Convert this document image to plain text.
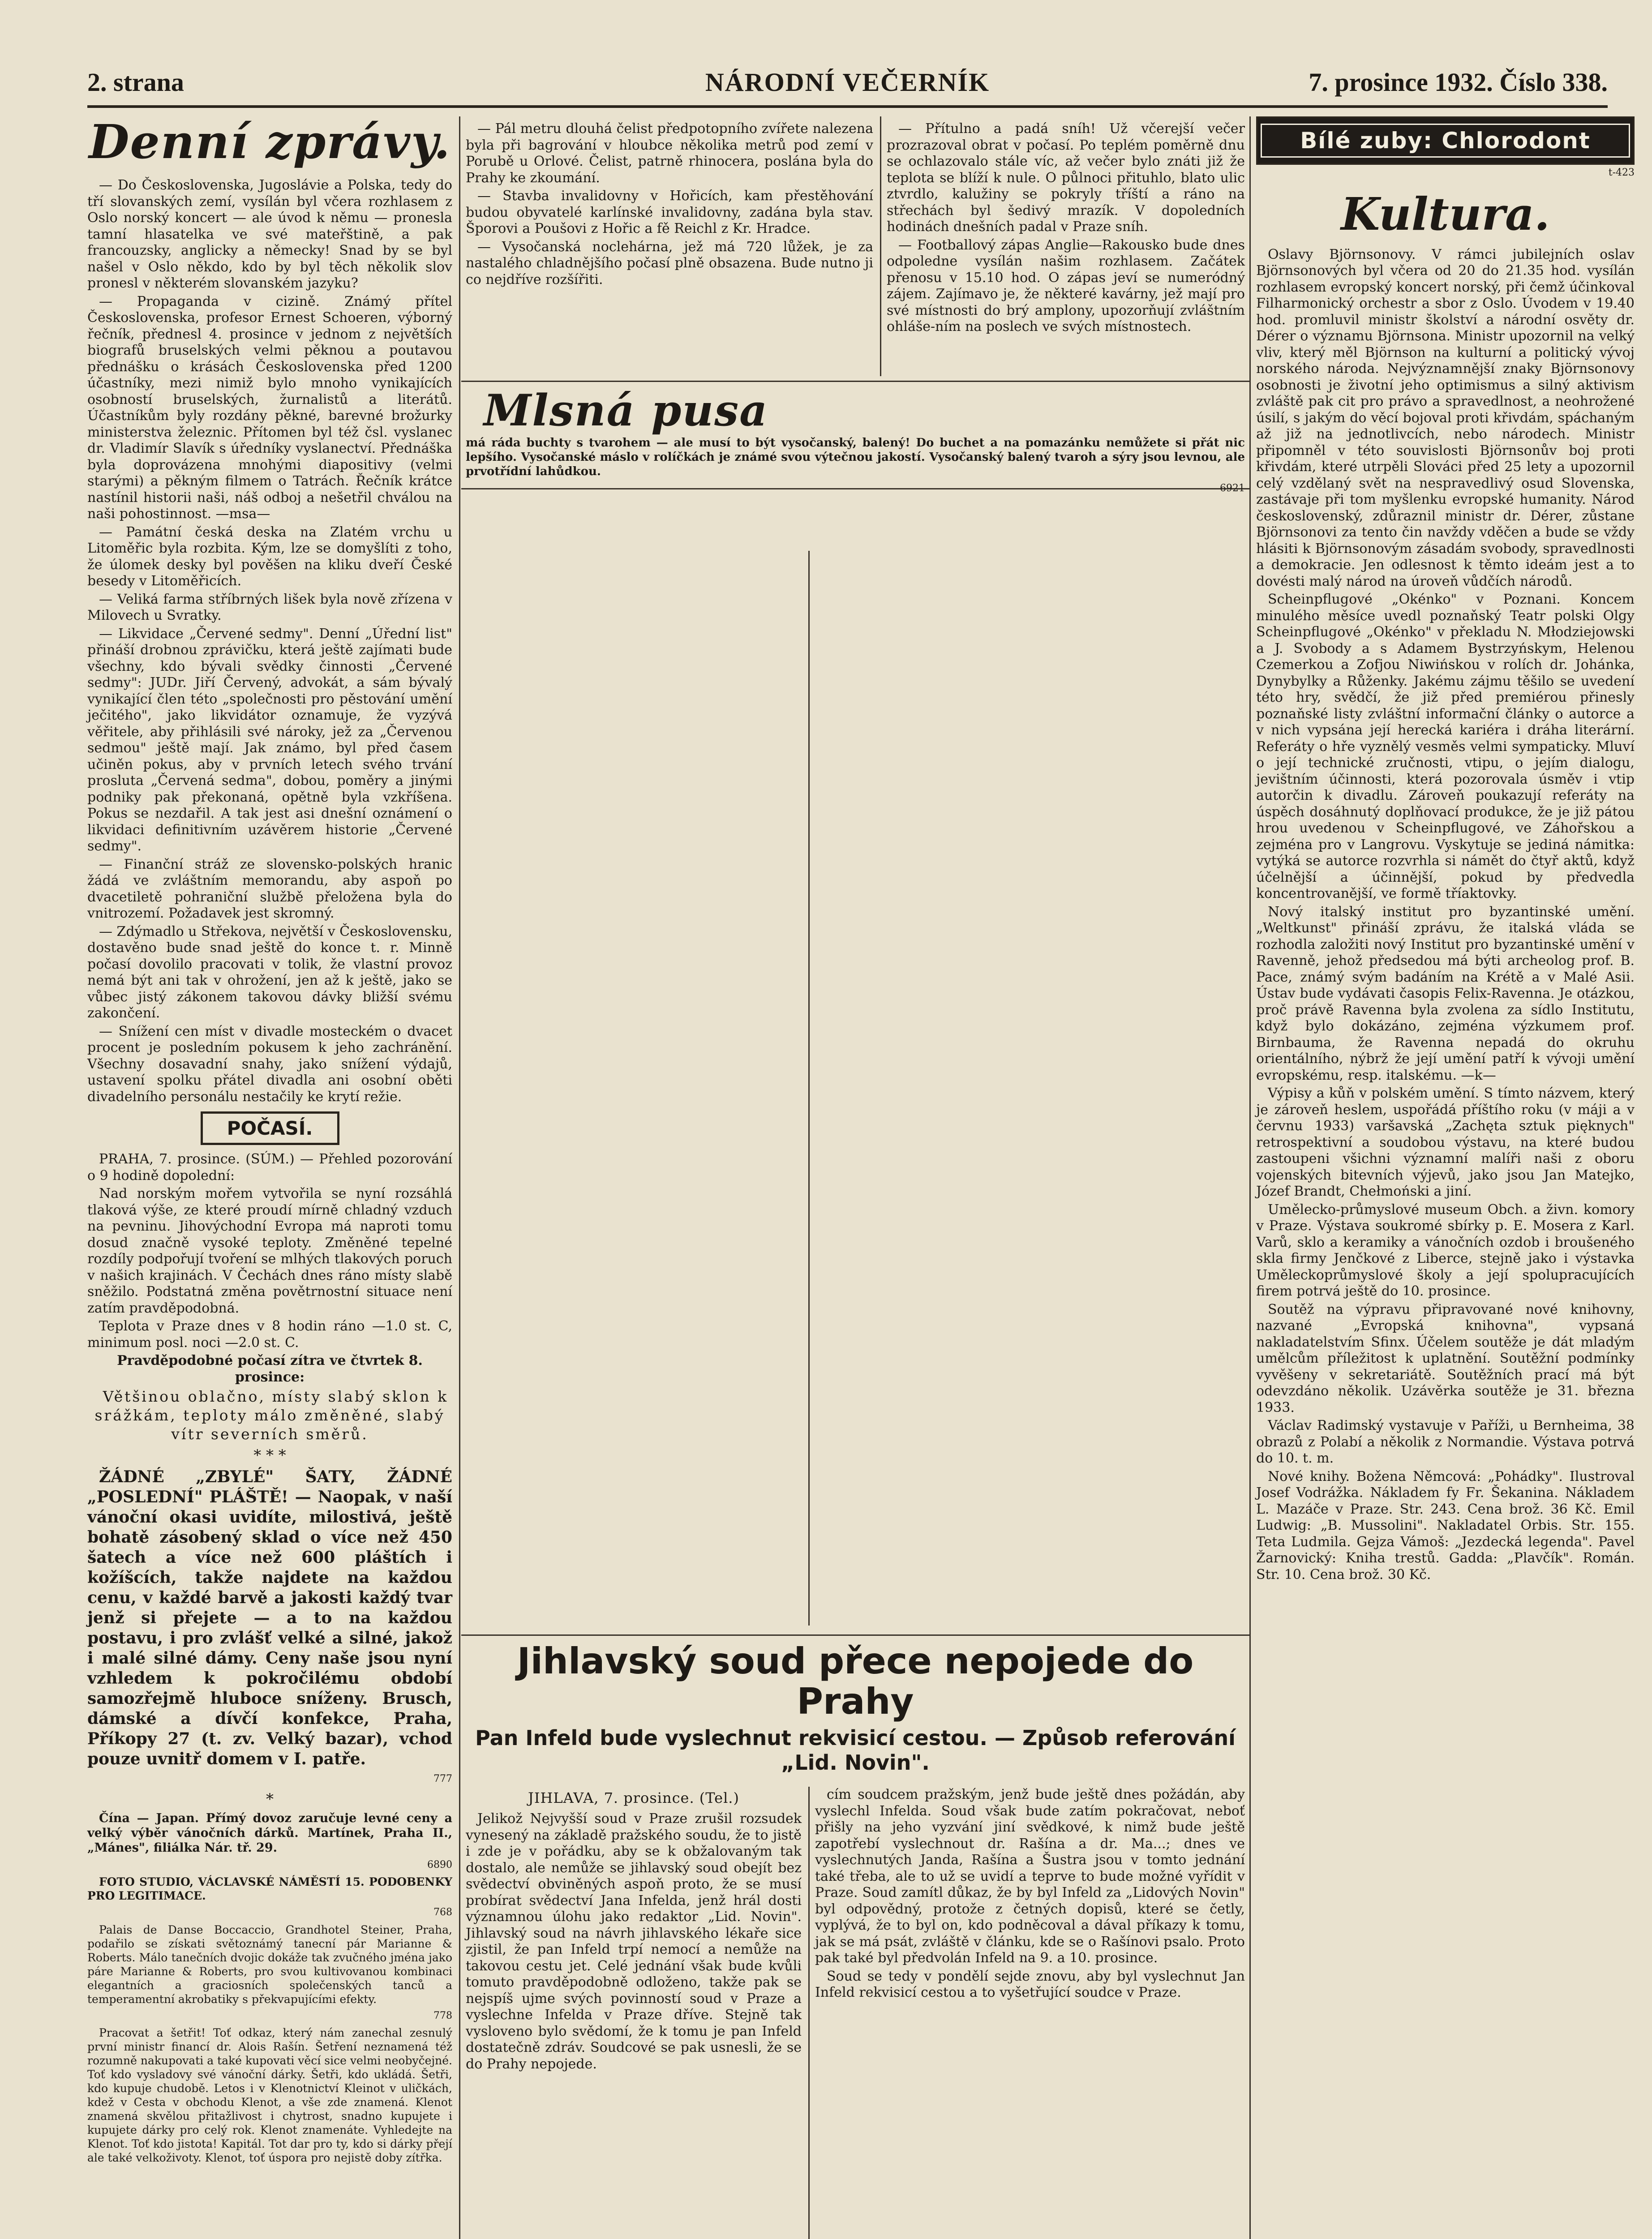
2. strana	NÁRODNÍ VEČERNÍK	7. prosince 1932. Číslo 338.
Denní zprávy.

— Do Československa, Jugoslávie a Polska, tedy do tří slovanských zemí, vysílán byl včera rozhlasem z Oslo norský koncert — ale úvod k němu — pronesla tamní hlasatelka ve své mateřštině, a pak francouzsky, anglicky a německy! Snad by se byl našel v Oslo někdo, kdo by byl těch několik slov pronesl v některém slovanském jazyku?

— Propaganda v cizině. Známý přítel Československa, profesor Ernest Schoeren, výborný řečník, přednesl 4. prosince v jednom z největších biografů bruselských velmi pěknou a poutavou přednášku o krásách Československa před 1200 účastníky, mezi nimiž bylo mnoho vynikajících osobností bruselských, žurnalistů a literátů. Účastníkům byly rozdány pěkné, barevné brožurky ministerstva železnic. Přítomen byl též čsl. vyslanec dr. Vladimír Slavík s úředníky vyslanectví. Přednáška byla doprovázena mnohými diapositivy (velmi starými) a pěkným filmem o Tatrách. Řečník krátce nastínil historii naši, náš odboj a nešetřil chválou na naši pohostinnost. —msa—

— Památní česká deska na Zlatém vrchu u Litoměřic byla rozbita. Kým, lze se domyšlíti z toho, že úlomek desky byl pověšen na kliku dveří České besedy v Litoměřicích.

— Veliká farma stříbrných lišek byla nově zřízena v Milovech u Svratky.

— Likvidace „Červené sedmy". Denní „Úřední list" přináší drobnou zprávičku, která ještě zajímati bude všechny, kdo bývali svědky činnosti „Červené sedmy": JUDr. Jiří Červený, advokát, a sám bývalý vynikající člen této „společnosti pro pěstování umění ječitého", jako likvidátor oznamuje, že vyzývá věřitele, aby přihlásili své nároky, jež za „Červenou sedmou" ještě mají. Jak známo, byl před časem učiněn pokus, aby v prvních letech svého trvání prosluta „Červená sedma", dobou, poměry a jinými podniky pak překonaná, opětně byla vzkříšena. Pokus se nezdařil. A tak jest asi dnešní oznámení o likvidaci definitivním uzávěrem historie „Červené sedmy".

— Finanční stráž ze slovensko-polských hranic žádá ve zvláštním memorandu, aby aspoň po dvacetiletě pohraniční službě přeložena byla do vnitrozemí. Požadavek jest skromný.

— Zdýmadlo u Střekova, největší v Československu, dostavěno bude snad ještě do konce t. r. Minně počasí dovolilo pracovati v tolik, že vlastní provoz nemá být ani tak v ohrožení, jen až k ještě, jako se vůbec jistý zákonem takovou dávky bližší svému zakončení.

— Snížení cen míst v divadle mosteckém o dvacet procent je posledním pokusem k jeho zachránění. Všechny dosavadní snahy, jako snížení výdajů, ustavení spolku přátel divadla ani osobní oběti divadelního personálu nestačily ke krytí režie.

POČASÍ.

PRAHA, 7. prosince. (SÚM.) — Přehled pozorování o 9 hodině dopolední:

Nad norským mořem vytvořila se nyní rozsáhlá tlaková výše, ze které proudí mírně chladný vzduch na pevninu. Jihovýchodní Evropa má naproti tomu dosud značně vysoké teploty. Změněné tepelné rozdíly podpořují tvoření se mlhých tlakových poruch v našich krajinách. V Čechách dnes ráno místy slabě sněžilo. Podstatná změna povětrnostní situace není zatím pravděpodobná.

Teplota v Praze dnes v 8 hodin ráno —1.0 st. C, minimum posl. noci —2.0 st. C.

Pravděpodobné počasí zítra ve čtvrtek 8. prosince:

Většinou oblačno, místy slabý sklon k srážkám, teploty málo změněné, slabý vítr severních směrů.

* * *

ŽÁDNÉ „ZBYLÉ" ŠATY, ŽÁDNÉ „POSLEDNÍ" PLÁŠTĚ! — Naopak, v naší vánoční okasi uvidíte, milostivá, ještě bohatě zásobený sklad o více než 450 šatech a více než 600 pláštích i kožíšcích, takže najdete na každou cenu, v každé barvě a jakosti každý tvar jenž si přejete — a to na každou postavu, i pro zvlášť velké a silné, jakož i malé silné dámy. Ceny naše jsou nyní vzhledem k pokročilému období samozřejmě hluboce sníženy. Brusch, dámské a dívčí konfekce, Praha, Příkopy 27 (t. zv. Velký bazar), vchod pouze uvnitř domem v I. patře.

777

*

Čína — Japan. Přímý dovoz zaručuje levné ceny a velký výběr vánočních dárků. Martínek, Praha II., „Mánes", filiálka Nár. tř. 29.

6890

FOTO STUDIO, VÁCLAVSKÉ NÁMĚSTÍ 15. PODOBENKY PRO LEGITIMACE.

768

Palais de Danse Boccaccio, Grandhotel Steiner, Praha, podařilo se získati světoznámý tanecní pár Marianne & Roberts. Málo tanečních dvojic dokáže tak zvučného jména jako páre Marianne & Roberts, pro svou kultivovanou kombinaci elegantních a graciosních společenských tanců a temperamentní akrobatiky s překvapujícími efekty.

778

Pracovat a šetřit! Toť odkaz, který nám zanechal zesnulý první ministr financí dr. Alois Rašín. Šetření neznamená též rozumně nakupovati a také kupovati věcí sice velmi neobyčejné. Toť kdo vysladovy své vánoční dárky. Šetři, kdo ukládá. Šetři, kdo kupuje chudobě. Letos i v Klenotnictví Kleinot v uličkách, kdež v Cesta v obchodu Klenot, a vše zde znamená. Klenot znamená skvělou přitažlivost i chytrost, snadno kupujete i kupujete dárky pro celý rok. Klenot znamenáte. Vyhledejte na Klenot. Toť kdo jistota! Kapitál. Tot dar pro ty, kdo si dárky přejí ale také velkoživoty. Klenot, toť úspora pro nejistě doby zítřka.

— Pál metru dlouhá čelist předpotopního zvířete nalezena byla při bagrování v hloubce několika metrů pod zemí v Porubě u Orlové. Čelist, patrně rhinocera, poslána byla do Prahy ke zkoumání.

— Stavba invalidovny v Hořicích, kam přestěhování budou obyvatelé karlínské invalidovny, zadána byla stav. Šporovi a Poušovi z Hořic a fě Reichl z Kr. Hradce.

— Vysočanská noclehárna, jež má 720 lůžek, je za nastalého chladnějšího počasí plně obsazena. Bude nutno ji co nejdříve rozšířiti.

— Přítulno a padá sníh! Už včerejší večer prozrazoval obrat v počasí. Po teplém poměrně dnu se ochlazovalo stále víc, až večer bylo znáti již že teplota se blíží k nule. O půlnoci přituhlo, blato ulic ztvrdlo, kalužiny se pokryly tříští a ráno na střechách byl šedivý mrazík. V dopoledních hodinách dnešních padal v Praze sníh.

— Footballový zápas Anglie—Rakousko bude dnes odpoledne vysílán našim rozhlasem. Začátek přenosu v 15.10 hod. O zápas jeví se numeródný zájem. Zajímavo je, že některé kavárny, jež mají pro své místnosti do brý amplony, upozorňují zvláštním ohláše-ním na poslech ve svých místnostech.

Mlsná pusa

má ráda buchty s tvarohem — ale musí to být vysočanský, balený! Do buchet a na pomazánku nemůžete si přát nic lepšího. Vysočanské máslo v rolíčkách je známé svou výtečnou jakostí. Vysočanský balený tvaroh a sýry jsou levnou, ale prvotřídní lahůdkou.

6921

Jihlavský soud přece nepojede do Prahy
Pan Infeld bude vyslechnut rekvisicí cestou. — Způsob referování „Lid. Novin".
JIHLAVA, 7. prosince. (Tel.)

Jelikož Nejvyšší soud v Praze zrušil rozsudek vynesený na základě pražského soudu, že to jistě i zde je v pořádku, aby se k obžalovaným tak dostalo, ale nemůže se jihlavský soud obejít bez svědectví obviněných aspoň proto, že se musí probírat svědectví Jana Infelda, jenž hrál dosti významnou úlohu jako redaktor „Lid. Novin". Jihlavský soud na návrh jihlavského lékaře sice zjistil, že pan Infeld trpí nemocí a nemůže na takovou cestu jet. Celé jednání však bude kvůli tomuto pravděpodobně odloženo, takže pak se nejspíš ujme svých povinností soud v Praze a vyslechne Infelda v Praze dříve. Stejně tak vysloveno bylo svědomí, že k tomu je pan Infeld dostatečně zdráv. Soudcové se pak usnesli, že se do Prahy nepojede.

cím soudcem pražským, jenž bude ještě dnes požádán, aby vyslechl Infelda. Soud však bude zatím pokračovat, neboť přišly na jeho vyzvání jiní svědkové, k nimž bude ještě zapotřebí vyslechnout dr. Rašína a dr. Ma...; dnes ve vyslechnutých Janda, Rašína a Šustra jsou v tomto jednání také třeba, ale to už se uvidí a teprve to bude možné vyřídit v Praze. Soud zamítl důkaz, že by byl Infeld za „Lidových Novin" byl odpovědný, protože z četných dopisů, které se četly, vyplývá, že to byl on, kdo podněcoval a dával příkazy k tomu, jak se má psát, zvláště v článku, kde se o Rašínovi psalo. Proto pak také byl předvolán Infeld na 9. a 10. prosince.

Soud se tedy v pondělí sejde znovu, aby byl vyslechnut Jan Infeld rekvisicí cestou a to vyšetřující soudce v Praze.

Bílé zuby: Chlorodont

t-423

Kultura.

Oslavy Björnsonovy. V rámci jubilejních oslav Björnsonových byl včera od 20 do 21.35 hod. vysílán rozhlasem evropský koncert norský, při čemž účinkoval Filharmonický orchestr a sbor z Oslo. Úvodem v 19.40 hod. promluvil ministr školství a národní osvěty dr. Dérer o významu Björnsona. Ministr upozornil na velký vliv, který měl Björnson na kulturní a politický vývoj norského národa. Nejvýznamnější znaky Björnsonovy osobnosti je životní jeho optimismus a silný aktivism zvláště pak cit pro právo a spravedlnost, a neohrožené úsilí, s jakým do věcí bojoval proti křivdám, spáchaným až již na jednotlivcích, nebo národech. Ministr připomněl v této souvislosti Björnsonův boj proti křivdám, které utrpěli Slováci před 25 lety a upozornil celý vzdělaný svět na nespravedlivý osud Slovenska, zastávaje při tom myšlenku evropské humanity. Národ československý, zdůraznil ministr dr. Dérer, zůstane Björnsonovi za tento čin navždy vděčen a bude se vždy hlásiti k Björnsonovým zásadám svobody, spravedlnosti a demokracie. Jen odlesnost k těmto ideám jest a to dovésti malý národ na úroveň vůdčích národů.

Scheinpflugové „Okénko" v Poznani. Koncem minulého měsíce uvedl poznaňský Teatr polski Olgy Scheinpflugové „Okénko" v překladu N. Młodziejowski a J. Svobody a s Adamem Bystrzyńskym, Helenou Czemerkou a Zofjou Niwińskou v rolích dr. Johánka, Dynybylky a Růženky. Jakému zájmu těšilo se uvedení této hry, svědčí, že již před premiérou přinesly poznaňské listy zvláštní informační články o autorce a v nich vypsána její herecká kariéra i dráha literární. Referáty o hře vyznělý vesměs velmi sympaticky. Mluví o její technické zručnosti, vtipu, o jejím dialogu, jevištním účinnosti, která pozorovala úsměv i vtip autorčin k divadlu. Zároveň poukazují referáty na úspěch dosáhnutý doplňovací produkce, že je již pátou hrou uvedenou v Scheinpflugové, ve Záhořskou a zejména pro v Langrovu. Vyskytuje se jediná námitka: vytýká se autorce rozvrhla si námět do čtyř aktů, když účelnější a účinnější, pokud by předvedla koncentrovanější, ve formě tříaktovky.

Nový italský institut pro byzantinské umění. „Weltkunst" přináší zprávu, že italská vláda se rozhodla založiti nový Institut pro byzantinské umění v Ravenně, jehož předsedou má býti archeolog prof. B. Pace, známý svým badáním na Krétě a v Malé Asii. Ústav bude vydávati časopis Felix-Ravenna. Je otázkou, proč právě Ravenna byla zvolena za sídlo Institutu, když bylo dokázáno, zejména výzkumem prof. Birnbauma, že Ravenna nepadá do okruhu orientálního, nýbrž že její umění patří k vývoji umění evropskému, resp. italskému. —k—

Výpisy a kůň v polském umění. S tímto názvem, který je zároveň heslem, uspořádá příštího roku (v máji a v červnu 1933) varšavská „Zachęta sztuk pięknych" retrospektivní a soudobou výstavu, na které budou zastoupeni všichni významní malíři naši z oboru vojenských bitevních výjevů, jako jsou Jan Matejko, Józef Brandt, Chełmoński a jiní.

Umělecko-průmyslové museum Obch. a živn. komory v Praze. Výstava soukromé sbírky p. E. Mosera z Karl. Varů, sklo a keramiky a vánočních ozdob i broušeného skla firmy Jenčkové z Liberce, stejně jako i výstavka Uměleckoprůmyslové školy a její spolupracujících firem potrvá ještě do 10. prosince.

Soutěž na výpravu připravované nové knihovny, nazvané „Evropská knihovna", vypsaná nakladatelstvím Sfinx. Účelem soutěže je dát mladým umělcům příležitost k uplatnění. Soutěžní podmínky vyvěšeny v sekretariátě. Soutěžních prací má být odevzdáno několik. Uzávěrka soutěže je 31. března 1933.

Václav Radimský vystavuje v Paříži, u Bernheima, 38 obrazů z Polabí a několik z Normandie. Výstava potrvá do 10. t. m.

Nové knihy. Božena Němcová: „Pohádky". Ilustroval Josef Vodrážka. Nákladem fy Fr. Šekanina. Nákladem L. Mazáče v Praze. Str. 243. Cena brož. 36 Kč. Emil Ludwig: „B. Mussolini". Nakladatel Orbis. Str. 155. Teta Ludmila. Gejza Vámoš: „Jezdecká legenda". Pavel Žarnovický: Kniha trestů. Gadda: „Plavčík". Román. Str. 10. Cena brož. 30 Kč.
